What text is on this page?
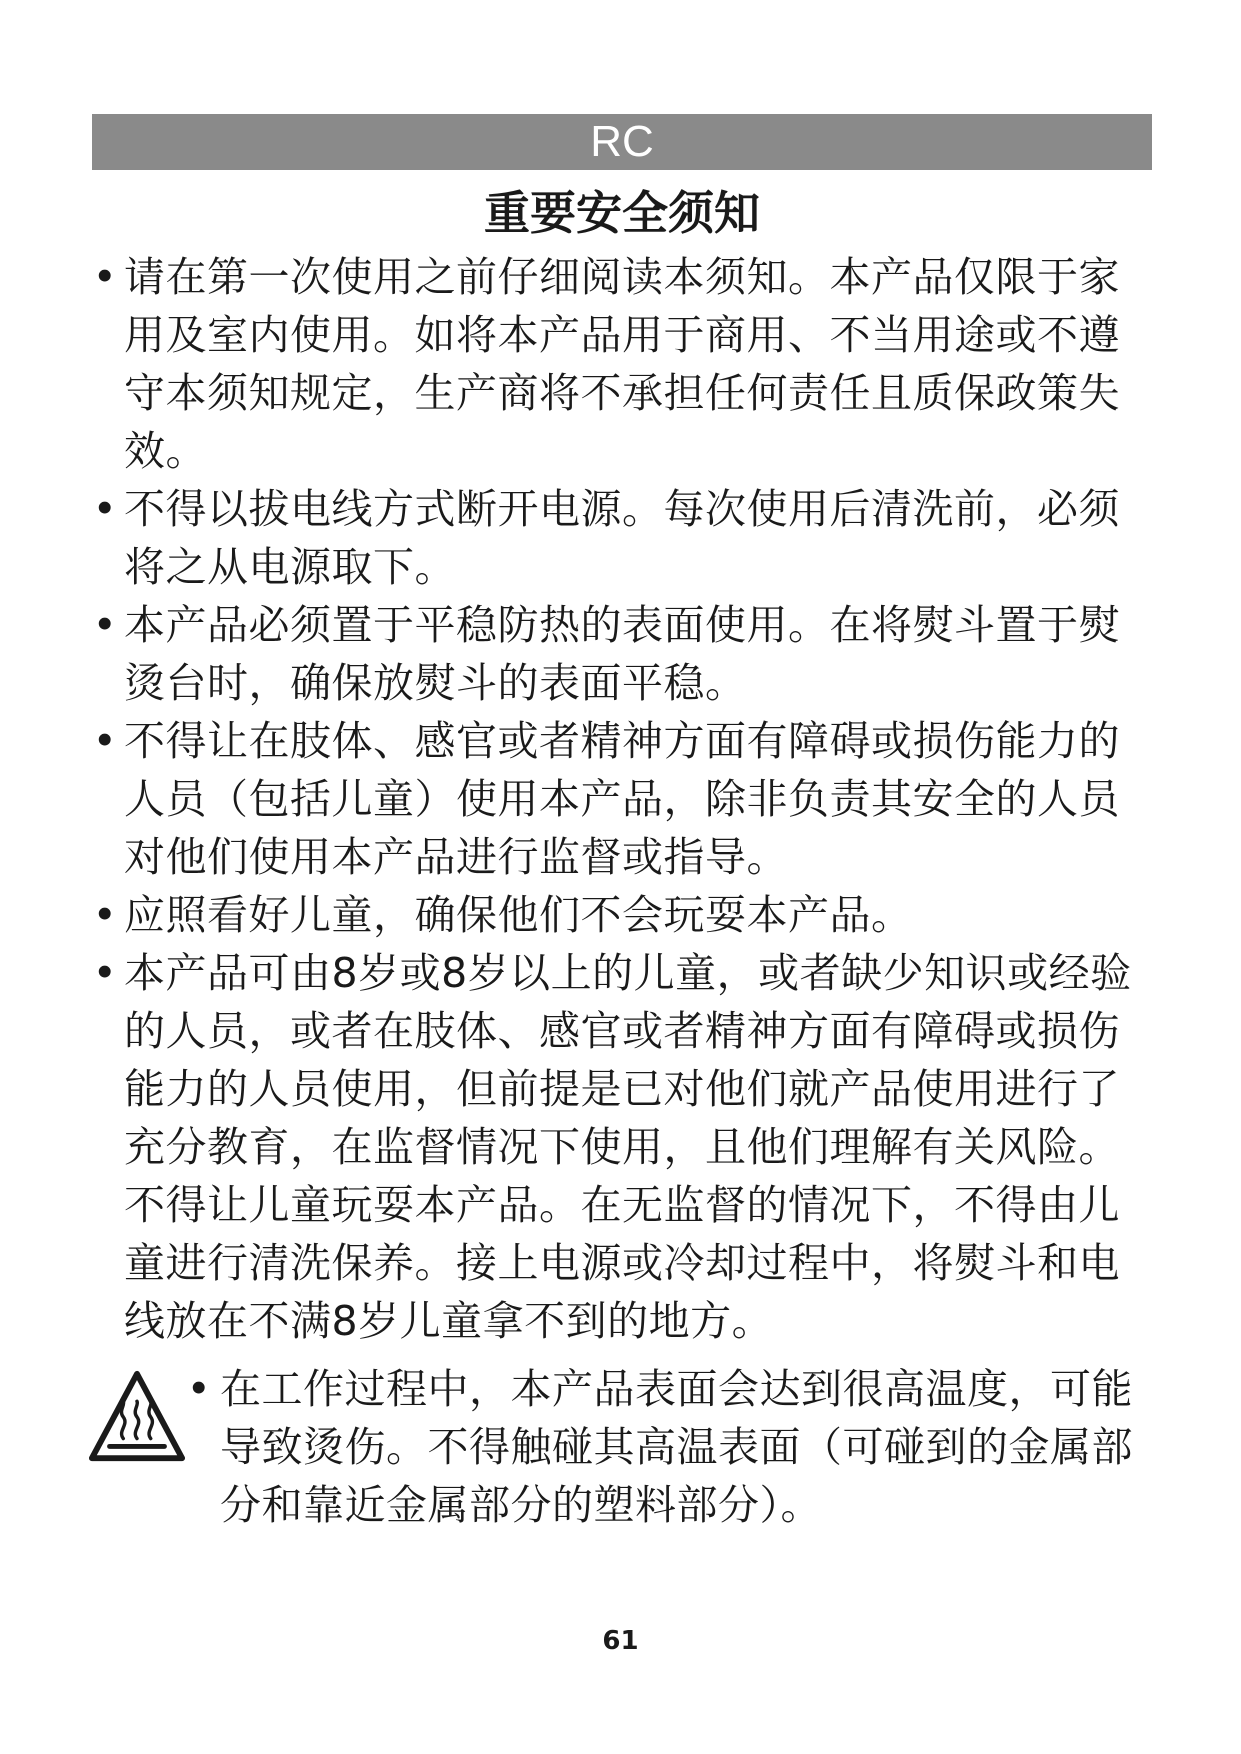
RC
重要安全须知
• 请在第一次使用之前仔细阅读本须知。本产品仅限于家用及室内使用。如将本产品用于商用、不当用途或不遵守本须知规定，生产商将不承担任何责任且质保政策失效。
• 不得以拔电线方式断开电源。每次使用后清洗前，必须将之从电源取下。
• 本产品必须置于平稳防热的表面使用。在将熨斗置于熨烫台时，确保放熨斗的表面平稳。
• 不得让在肢体、感官或者精神方面有障碍或损伤能力的人员（包括儿童）使用本产品，除非负责其安全的人员对他们使用本产品进行监督或指导。
• 应照看好儿童，确保他们不会玩耍本产品。
• 本产品可由8岁或8岁以上的儿童，或者缺少知识或经验的人员，或者在肢体、感官或者精神方面有障碍或损伤能力的人员使用，但前提是已对他们就产品使用进行了充分教育，在监督情况下使用，且他们理解有关风险。不得让儿童玩耍本产品。在无监督的情况下，不得由儿童进行清洗保养。接上电源或冷却过程中，将熨斗和电线放在不满8岁儿童拿不到的地方。
• 在工作过程中，本产品表面会达到很高温度，可能导致烫伤。不得触碰其高温表面（可碰到的金属部分和靠近金属部分的塑料部分）。
61
